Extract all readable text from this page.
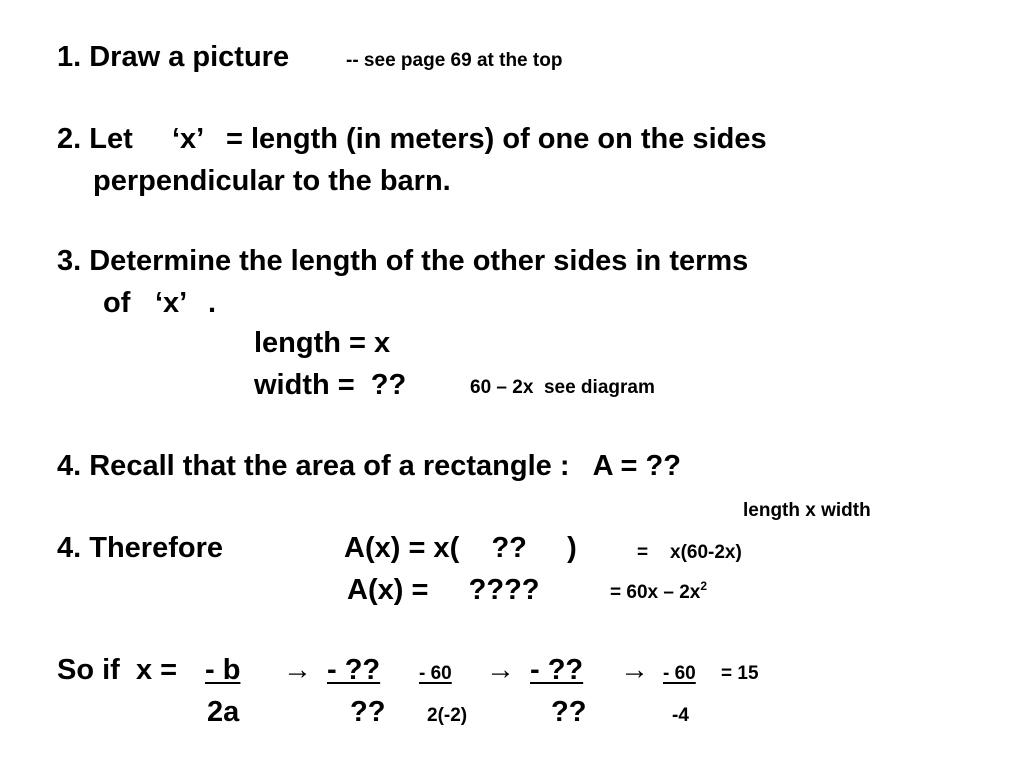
1. Draw a picture	-- see page 69 at the top
2. Let ‘x’ = length (in meters) of one on the sides
perpendicular to the barn.
3. Determine the length of the other sides in terms
of ‘x’ .
length = x
width =  ??	60 – 2x  see diagram
4. Recall that the area of a rectangle :   A = ??
length x width
4. Therefore	A(x) = x(    ??     )	= x(60-2x)
A(x) =     ????	= $60x - 2x^2$
So if  x = - b
2a
→ - ??
??
- 60
2(-2)
→ - ??
??
→ - 60
-4
= 15
